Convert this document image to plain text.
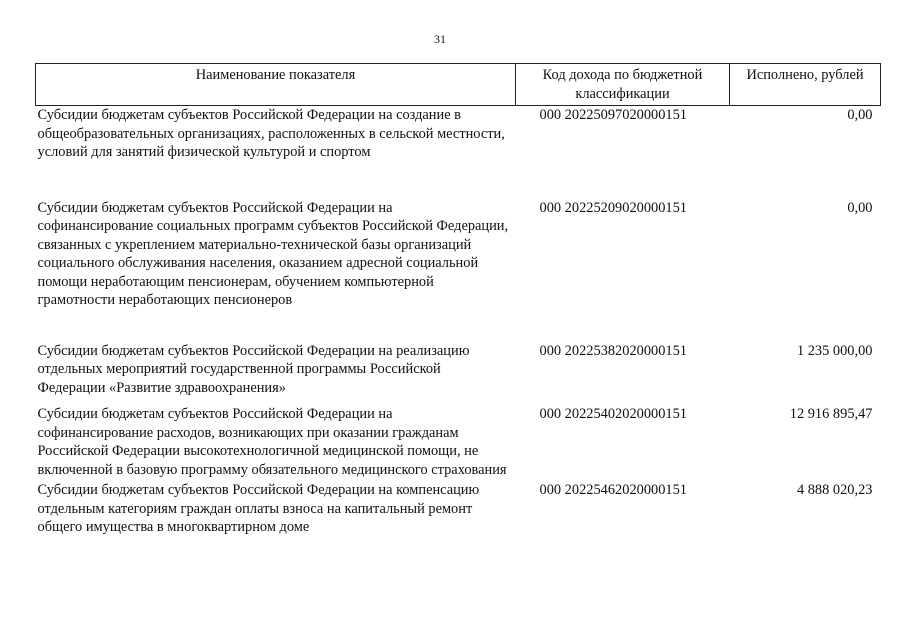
31
Наименование показателя	Код дохода по бюджетной классификации	Исполнено, рублей
Субсидии бюджетам субъектов Российской Федерации на создание в общеобразовательных организациях, расположенных в сельской местности, условий для занятий физической культурой и спортом	000 20225097020000151	0,00
Субсидии бюджетам субъектов Российской Федерации на софинансирование социальных программ субъектов Российской Федерации, связанных с укреплением материально-технической базы организаций социального обслуживания населения, оказанием адресной социальной помощи неработающим пенсионерам, обучением компьютерной грамотности неработающих пенсионеров	000 20225209020000151	0,00
Субсидии бюджетам субъектов Российской Федерации на реализацию отдельных мероприятий государственной программы Российской Федерации «Развитие здравоохранения»	000 20225382020000151	1 235 000,00
Субсидии бюджетам субъектов Российской Федерации на софинансирование расходов, возникающих при оказании гражданам Российской Федерации высокотехнологичной медицинской помощи, не включенной в базовую программу обязательного медицинского страхования	000 20225402020000151	12 916 895,47
Субсидии бюджетам субъектов Российской Федерации на компенсацию отдельным категориям граждан оплаты взноса на капитальный ремонт общего имущества в многоквартирном доме	000 20225462020000151	4 888 020,23
